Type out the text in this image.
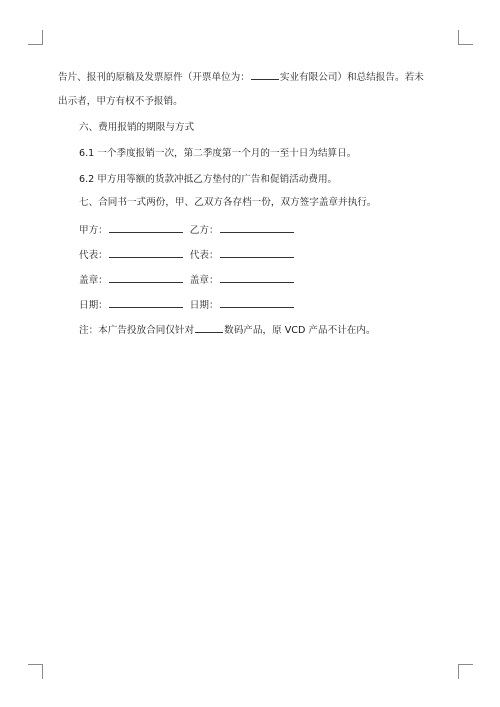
告片、报刊的原稿及发票原件（开票单位为：	实业有限公司）和总结报告。若未
出示者，甲方有权不予报销。
六、费用报销的期限与方式
6.1 一个季度报销一次，第二季度第一个月的一至十日为结算日。
6.2 甲方用等额的货款冲抵乙方垫付的广告和促销活动费用。
七、合同书一式两份，甲、乙双方各存档一份，双方签字盖章并执行。
甲方：	乙方：
代表：	代表：
盖章：	盖章：
日期：	日期：
注：本广告投放合同仅针对	数码产品，原 VCD 产品不计在内。
